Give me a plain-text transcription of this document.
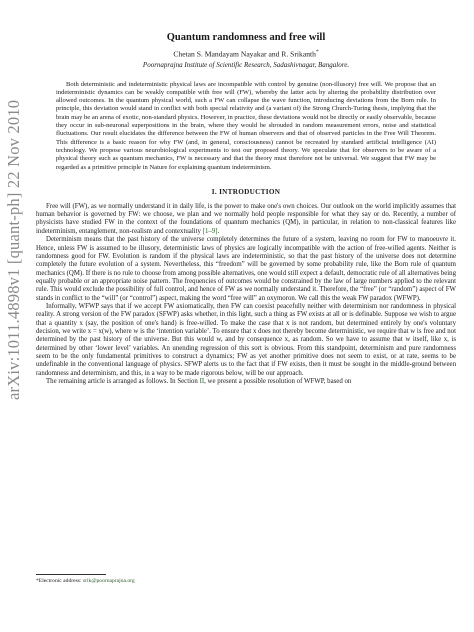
arXiv:1011.4898v1 [quant-ph] 22 Nov 2010
Quantum randomness and free will
Chetan S. Mandayam Nayakar and R. Srikanth*
Poornaprajna Institute of Scientific Research, Sadashivnagar, Bangalore.
Both deterministic and indeterministic physical laws are incompatible with control by genuine (non-illusory) free will. We propose that an indeterministic dynamics can be weakly compatible with free will (FW), whereby the latter acts by altering the probability distribution over allowed outcomes. In the quantum physical world, such a FW can collapse the wave function, introducing deviations from the Born rule. In principle, this deviation would stand in conflict with both special relativity and (a variant of) the Strong Church-Turing thesis, implying that the brain may be an arena of exotic, non-standard physics. However, in practice, these deviations would not be directly or easily observable, because they occur in sub-neuronal superpositions in the brain, where they would be shrouded in random measurement errors, noise and statistical fluctuations. Our result elucidates the difference between the FW of human observers and that of observed particles in the Free Will Theorem. This difference is a basic reason for why FW (and, in general, consciousness) cannot be recreated by standard artificial intelligence (AI) technology. We propose various neurobiological experiments to test our proposed theory. We speculate that for observers to be aware of a physical theory such as quantum mechanics, FW is necessary and that the theory must therefore not be universal. We suggest that FW may be regarded as a primitive principle in Nature for explaining quantum indeterminism.
I. INTRODUCTION

Free will (FW), as we normally understand it in daily life, is the power to make one's own choices. Our outlook on the world implicitly assumes that human behavior is governed by FW: we choose, we plan and we normally hold people responsible for what they say or do. Recently, a number of physicists have studied FW in the context of the foundations of quantum mechanics (QM), in particular, in relation to non-classical features like indeterminism, entanglement, non-realism and contextuality [1–9].

Determinism means that the past history of the universe completely determines the future of a system, leaving no room for FW to manoeuvre it. Hence, unless FW is assumed to be illusory, deterministic laws of physics are logically incompatible with the action of free-willed agents. Neither is randomness good for FW. Evolution is random if the physical laws are indeterministic, so that the past history of the universe does not determine completely the future evolution of a system. Nevertheless, this “freedom” will be governed by some probability rule, like the Born rule of quantum mechanics (QM). If there is no rule to choose from among possible alternatives, one would still expect a default, democratic rule of all alternatives being equally probable or an appropriate noise pattern. The frequencies of outcomes would be constrained by the law of large numbers applied to the relevant rule. This would exclude the possibility of full control, and hence of FW as we normally understand it. Therefore, the “free” (or “random”) aspect of FW stands in conflict to the “will” (or “control”) aspect, making the word “free will” an oxymoron. We call this the weak FW paradox (WFWP).

Informally, WFWP says that if we accept FW axiomatically, then FW can coexist peacefully neither with determinism nor randomness in physical reality. A strong version of the FW paradox (SFWP) asks whether, in this light, such a thing as FW exists at all or is definable. Suppose we wish to argue that a quantity x (say, the position of one's hand) is free-willed. To make the case that x is not random, but determined entirely by one's voluntary decision, we write x = x(w), where w is the ‘intention variable’. To ensure that x does not thereby become deterministic, we require that w is free and not determined by the past history of the universe. But this would w, and by consequence x, as random. So we have to assume that w itself, like x, is determined by other ‘lower level’ variables. An unending regression of this sort is obvious. From this standpoint, determinism and pure randomness seem to be the only fundamental primitives to construct a dynamics; FW as yet another primitive does not seem to exist, or at rate, seems to be undefinable in the conventional language of physics. SFWP alerts us to the fact that if FW exists, then it must be sought in the middle-ground between randomness and determinism, and this, in a way to be made rigorous below, will be our approach.

The remaining article is arranged as follows. In Section II, we present a possible resolution of WFWP, based on

*Electronic address: srik@poornaprajna.org
